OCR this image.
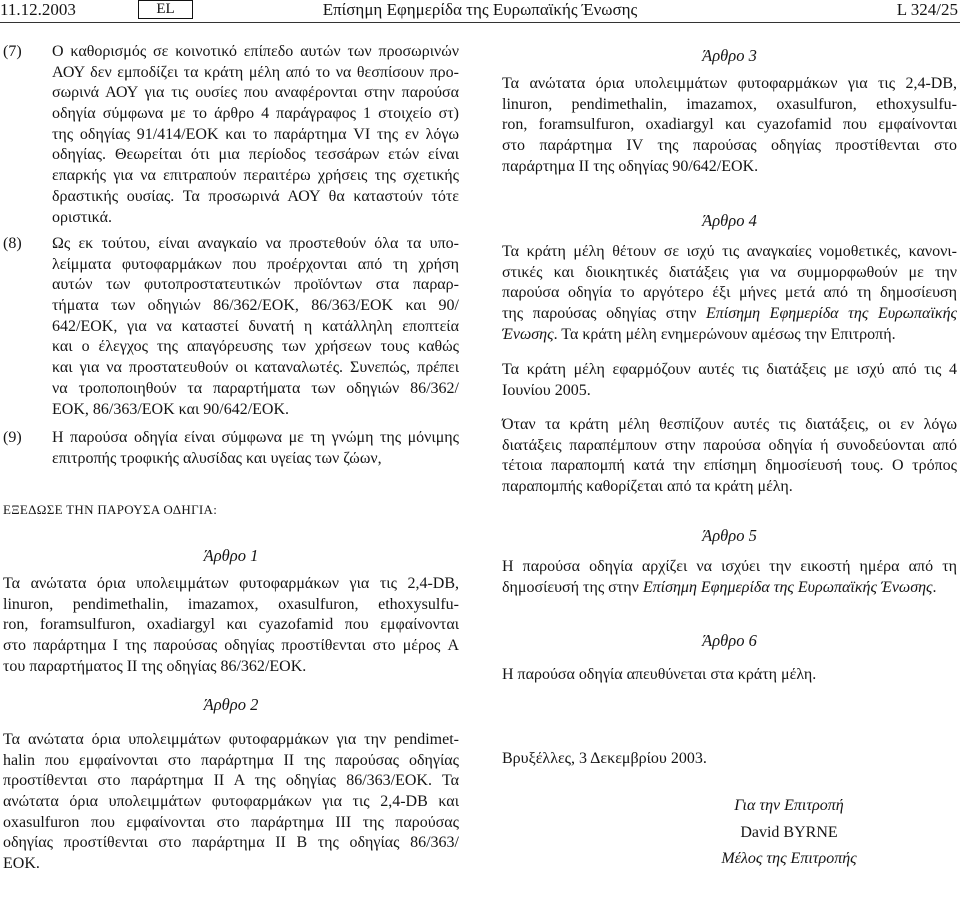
11.12.2003	EL	Επίσημη Εφημερίδα της Ευρωπαϊκής Ένωσης	L 324/25
(7) Ο καθορισμός σε κοινοτικό επίπεδο αυτών των προσωρινών
ΑΟΥ δεν εμποδίζει τα κράτη μέλη από το να θεσπίσουν προ-
σωρινά ΑΟΥ για τις ουσίες που αναφέρονται στην παρούσα
οδηγία σύμφωνα με το άρθρο 4 παράγραφος 1 στοιχείο στ)
της οδηγίας 91/414/ΕΟΚ και το παράρτημα VI της εν λόγω
οδηγίας. Θεωρείται ότι μια περίοδος τεσσάρων ετών είναι
επαρκής για να επιτραπούν περαιτέρω χρήσεις της σχετικής
δραστικής ουσίας. Τα προσωρινά ΑΟΥ θα καταστούν τότε
οριστικά.
(8) Ως εκ τούτου, είναι αναγκαίο να προστεθούν όλα τα υπο-
λείμματα φυτοφαρμάκων που προέρχονται από τη χρήση
αυτών των φυτοπροστατευτικών προϊόντων στα παραρ-
τήματα των οδηγιών 86/362/ΕΟΚ, 86/363/ΕΟΚ και 90/
642/ΕΟΚ, για να καταστεί δυνατή η κατάλληλη εποπτεία
και ο έλεγχος της απαγόρευσης των χρήσεων τους καθώς
και για να προστατευθούν οι καταναλωτές. Συνεπώς, πρέπει
να τροποποιηθούν τα παραρτήματα των οδηγιών 86/362/
ΕΟΚ, 86/363/ΕΟΚ και 90/642/ΕΟΚ.
(9) Η παρούσα οδηγία είναι σύμφωνα με τη γνώμη της μόνιμης
επιτροπής τροφικής αλυσίδας και υγείας των ζώων,
ΕΞΕΔΩΣΕ ΤΗΝ ΠΑΡΟΥΣΑ ΟΔΗΓΙΑ:
Άρθρο 1
Τα ανώτατα όρια υπολειμμάτων φυτοφαρμάκων για τις 2,4-DB,
linuron, pendimethalin, imazamox, oxasulfuron, ethoxysulfu-
ron, foramsulfuron, oxadiargyl και cyazofamid που εμφαίνονται
στο παράρτημα I της παρούσας οδηγίας προστίθενται στο μέρος A
του παραρτήματος II της οδηγίας 86/362/ΕΟΚ.
Άρθρο 2
Τα ανώτατα όρια υπολειμμάτων φυτοφαρμάκων για την pendimet-
halin που εμφαίνονται στο παράρτημα II της παρούσας οδηγίας
προστίθενται στο παράρτημα II A της οδηγίας 86/363/ΕΟΚ. Τα
ανώτατα όρια υπολειμμάτων φυτοφαρμάκων για τις 2,4-DB και
oxasulfuron που εμφαίνονται στο παράρτημα III της παρούσας
οδηγίας προστίθενται στο παράρτημα II B της οδηγίας 86/363/
ΕΟΚ.
Άρθρο 3
Τα ανώτατα όρια υπολειμμάτων φυτοφαρμάκων για τις 2,4-DB,
linuron, pendimethalin, imazamox, oxasulfuron, ethoxysulfu-
ron, foramsulfuron, oxadiargyl και cyazofamid που εμφαίνονται
στο παράρτημα IV της παρούσας οδηγίας προστίθενται στο
παράρτημα II της οδηγίας 90/642/ΕΟΚ.
Άρθρο 4
Τα κράτη μέλη θέτουν σε ισχύ τις αναγκαίες νομοθετικές, κανονι-
στικές και διοικητικές διατάξεις για να συμμορφωθούν με την
παρούσα οδηγία το αργότερο έξι μήνες μετά από τη δημοσίευση
της παρούσας οδηγίας στην Επίσημη Εφημερίδα της Ευρωπαϊκής
Ένωσης. Τα κράτη μέλη ενημερώνουν αμέσως την Επιτροπή.
Τα κράτη μέλη εφαρμόζουν αυτές τις διατάξεις με ισχύ από τις 4
Ιουνίου 2005.
Όταν τα κράτη μέλη θεσπίζουν αυτές τις διατάξεις, οι εν λόγω
διατάξεις παραπέμπουν στην παρούσα οδηγία ή συνοδεύονται από
τέτοια παραπομπή κατά την επίσημη δημοσίευσή τους. Ο τρόπος
παραπομπής καθορίζεται από τα κράτη μέλη.
Άρθρο 5
Η παρούσα οδηγία αρχίζει να ισχύει την εικοστή ημέρα από τη
δημοσίευσή της στην Επίσημη Εφημερίδα της Ευρωπαϊκής Ένωσης.
Άρθρο 6
Η παρούσα οδηγία απευθύνεται στα κράτη μέλη.
Βρυξέλλες, 3 Δεκεμβρίου 2003.
Για την Επιτροπή
David BYRNE
Μέλος της Επιτροπής
